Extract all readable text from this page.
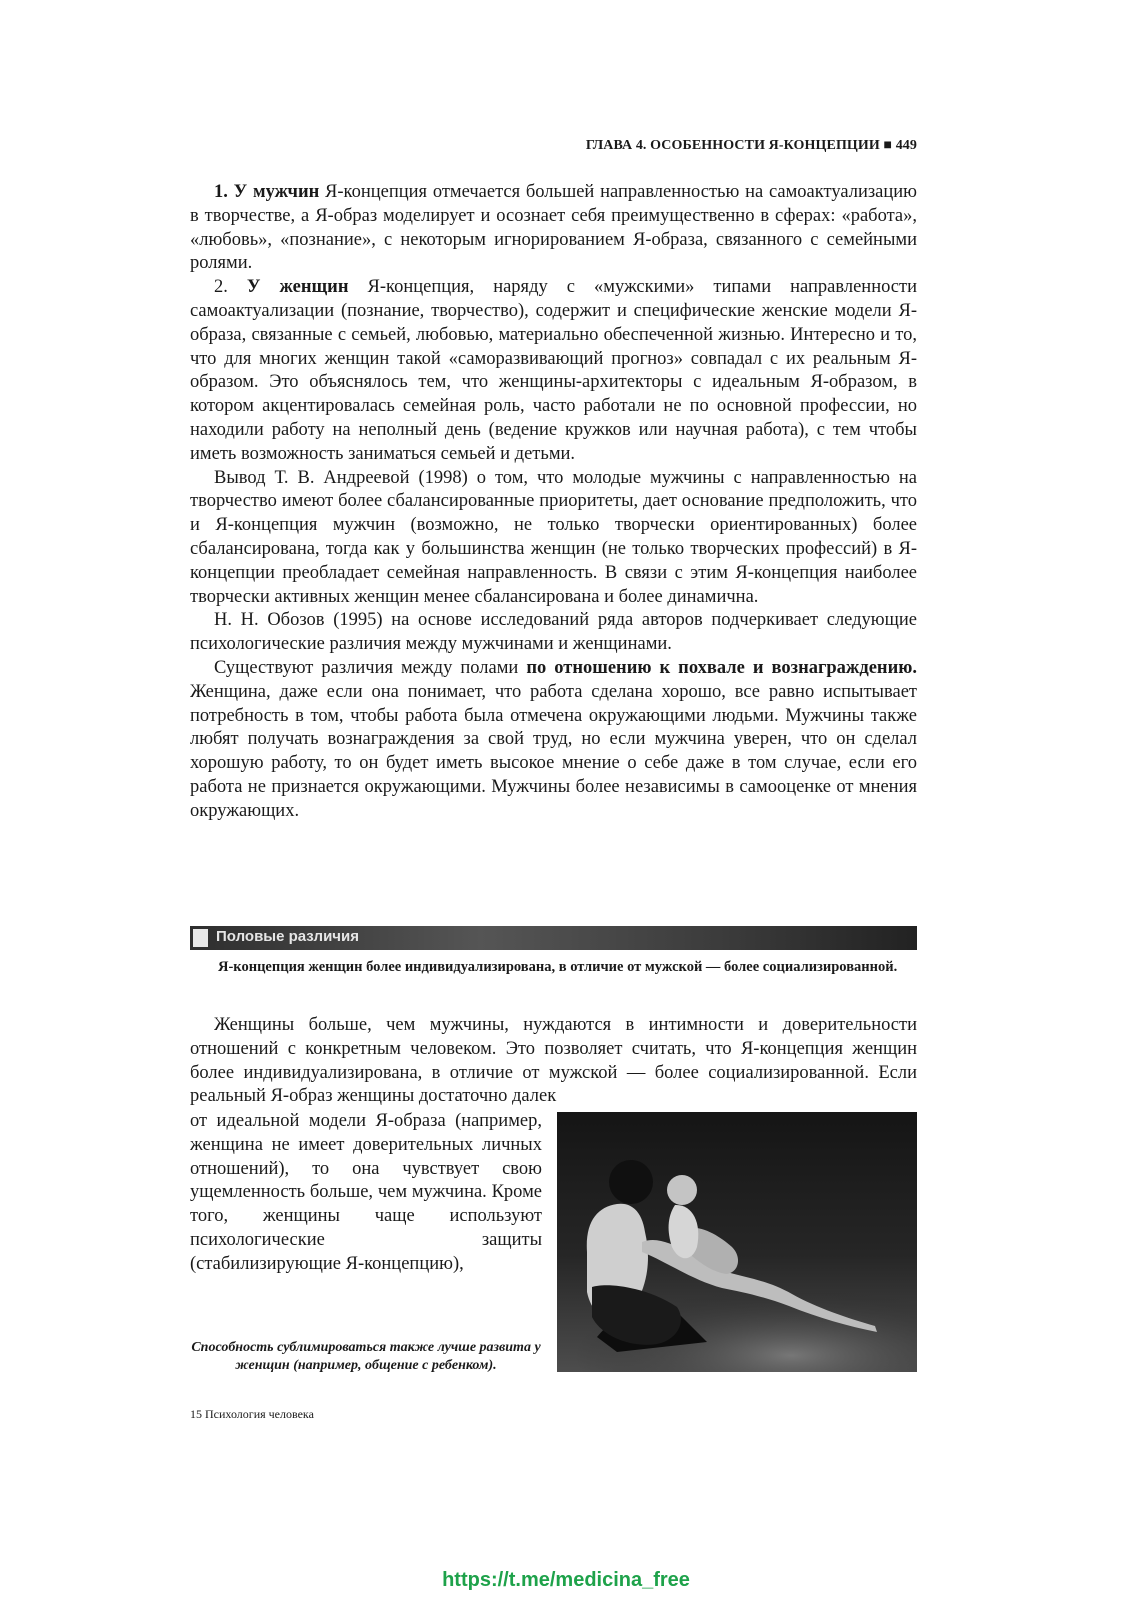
ГЛАВА 4. ОСОБЕННОСТИ Я-КОНЦЕПЦИИ ■ 449

1. У мужчин Я-концепция отмечается большей направленностью на самоактуализацию в творчестве, а Я-образ моделирует и осознает себя преимущественно в сферах: «работа», «любовь», «познание», с некоторым игнорированием Я-образа, связанного с семейными ролями.

2. У женщин Я-концепция, наряду с «мужскими» типами направленности самоактуализации (познание, творчество), содержит и специфические женские модели Я-образа, связанные с семьей, любовью, материально обеспеченной жизнью. Интересно и то, что для многих женщин такой «саморазвивающий прогноз» совпадал с их реальным Я-образом. Это объяснялось тем, что женщины-архитекторы с идеальным Я-образом, в котором акцентировалась семейная роль, часто работали не по основной профессии, но находили работу на неполный день (ведение кружков или научная работа), с тем чтобы иметь возможность заниматься семьей и детьми.

Вывод Т. В. Андреевой (1998) о том, что молодые мужчины с направленностью на творчество имеют более сбалансированные приоритеты, дает основание предположить, что и Я-концепция мужчин (возможно, не только творчески ориентированных) более сбалансирована, тогда как у большинства женщин (не только творческих профессий) в Я-концепции преобладает семейная направленность. В связи с этим Я-концепция наиболее творчески активных женщин менее сбалансирована и более динамична.

Н. Н. Обозов (1995) на основе исследований ряда авторов подчеркивает следующие психологические различия между мужчинами и женщинами.

Существуют различия между полами по отношению к похвале и вознаграждению. Женщина, даже если она понимает, что работа сделана хорошо, все равно испытывает потребность в том, чтобы работа была отмечена окружающими людьми. Мужчины также любят получать вознаграждения за свой труд, но если мужчина уверен, что он сделал хорошую работу, то он будет иметь высокое мнение о себе даже в том случае, если его работа не признается окружающими. Мужчины более независимы в самооценке от мнения окружающих.

Половые различия
Я-концепция женщин более индивидуализирована, в отличие от мужской — более социализированной.

Женщины больше, чем мужчины, нуждаются в интимности и доверительности отношений с конкретным человеком. Это позволяет считать, что Я-концепция женщин более индивидуализирована, в отличие от мужской — более социализированной. Если реальный Я-образ женщины достаточно далек

от идеальной модели Я-образа (например, женщина не имеет доверительных личных отношений), то она чувствует свою ущемленность больше, чем мужчина. Кроме того, женщины чаще используют психологические защиты (стабилизирующие Я-концепцию),

Способность сублимироваться также лучше развита у женщин (например, общение с ребенком).
15 Психология человека
https://t.me/medicina_free
